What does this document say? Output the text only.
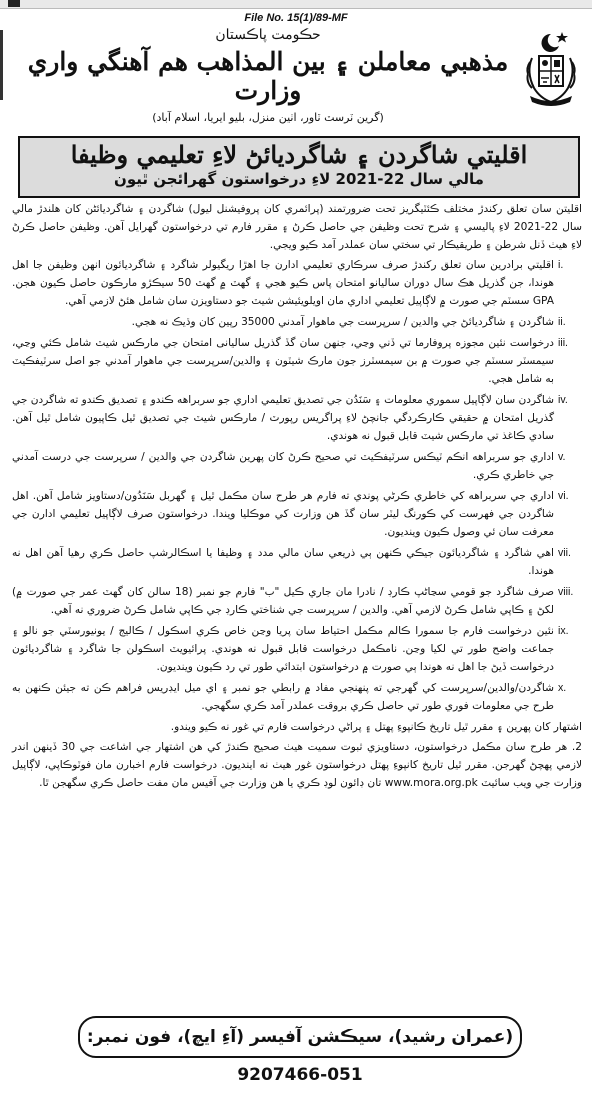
File No. 15(1)/89-MF
حڪومت پاڪستان
مذهبي معاملن ۽ بين المذاهب هم آهنگي واري وزارت
(گرين ٽرسٽ ٽاور، اٺين منزل، بليو ايريا، اسلام آباد)
اقليتي شاگردن ۽ شاگرديائڻ لاءِ تعليمي وظيفا
مالي سال 22-2021 لاءِ درخواستون گھرائجن ٿيون
اقليتن سان تعلق رکندڙ مختلف ڪئٽيگريز تحت ضرورتمند (پرائمري کان پروفيشنل ليول) شاگردن ۽ شاگرديائڻن کان هلندڙ مالي سال 22-2021 لاءِ پاليسي ۽ شرح تحت وظيفن جي حاصل ڪرڻ ۽ مقرر فارم تي درخواستون گھرايل آهن. وظيفن حاصل ڪرڻ لاءِ هيٺ ڏنل شرطن ۽ طريقيڪار تي سختي سان عملدر آمد ڪيو ويجي.
i.
اقليتي برادرين سان تعلق رکندڙ صرف سرڪاري تعليمي ادارن جا اهڙا ريگيولر شاگرد ۽ شاگرديائون انهن وظيفن جا اهل هوندا، جن گذريل هڪ سال دوران ساليانو امتحان پاس ڪيو هجي ۽ گهٽ ۾ گهٽ 50 سيڪڙو مارڪون حاصل ڪيون هجن. GPA سسٽم جي صورت ۾ لاڳاپيل تعليمي اداري مان اويلويئيشن شيٽ جو دستاويزن سان شامل هئڻ لازمي آهي.
ii.
شاگردن ۽ شاگرديائڻ جي والدين / سرپرست جي ماهوار آمدني 35000 رپين کان وڌيڪ نه هجي.
iii.
درخواست نئين مجوزه پروفارما تي ڏني وڃي، جنهن سان گڏ گذريل ساليانى امتحان جي مارڪس شيٽ شامل ڪئي وڃي، سيمسٽر سسٽم جي صورت ۾ بن سيمسٽرز جون مارڪ شيٽون ۽ والدين/سرپرست جي ماهوار آمدني جو اصل سرٽيفڪيٽ به شامل هجي.
iv.
شاگردن سان لاڳاپيل سموري معلومات ۽ سَنَدُن جي تصديق تعليمي اداري جو سربراهه ڪندو ۽ تصديق ڪندو ته شاگردن جي گذريل امتحان ۾ حقيقي ڪارڪردگي جانچڻ لاءِ پراگريس رپورٽ / مارڪس شيٽ جي تصديق ٿيل ڪاپيون شامل ٿيل آهن. سادي ڪاغذ تي مارڪس شيٽ قابل قبول نه هوندي.
v.
اداري جو سربراهه انڪم ٽيڪس سرٽيفڪيٽ تي صحيح ڪرڻ کان پهرين شاگردن جي والدين / سرپرست جي درست آمدني جي خاطري ڪري.
vi.
اداري جي سربراهه کي خاطري ڪرڻي پوندي ته فارم هر طرح سان مڪمل ٿيل ۽ گهربل سَنَدُون/دستاويز شامل آهن. اهل شاگردن جي فهرست کي ڪورنگ ليٽر سان گڏ هن وزارت کي موڪليا ويندا. درخواستون صرف لاڳاپيل تعليمي ادارن جي معرفت سان ئي وصول ڪيون وينديون.
vii.
اهي شاگرد ۽ شاگرديائون جيڪي ڪنهن ٻي ذريعي سان مالي مدد ۽ وظيفا يا اسڪالرشپ حاصل ڪري رهيا آهن اهل نه هوندا.
viii.
صرف شاگرد جو قومي سڃاڻپ ڪارڊ / نادرا مان جاري ڪيل "ب" فارم جو نمبر (18 سالن کان گهٽ عمر جي صورت ۾) لکڻ ۽ ڪاپي شامل ڪرڻ لازمي آهي. والدين / سرپرست جي شناختي ڪارڊ جي ڪاپي شامل ڪرڻ ضروري نه آهي.
ix.
نئين درخواست فارم جا سمورا ڪالم مڪمل احتياط سان پريا وڃن خاص ڪري اسڪول / ڪاليج / يونيورسٽي جو نالو ۽ جماعت واضح طور تي لکيا وڃن. نامڪمل درخواست قابل قبول نه هوندي. پرائيويٽ اسڪولن جا شاگرد ۽ شاگرديائون درخواست ڏيڻ جا اهل نه هوندا ٻي صورت ۾ درخواستون ابتدائي طور تي رد ڪيون وينديون.
x.
شاگردن/والدين/سرپرست کي گهرجي ته پنهنجي مفاد ۾ رابطي جو نمبر ۽ اي ميل ايڊريس فراهم ڪن ته جيئن ڪنهن به طرح جي معلومات فوري طور تي حاصل ڪري بروقت عملدر آمد ڪري سگهجي.
اشتهار کان پهرين ۽ مقرر ٿيل تاريخ ڪانپوءِ پهتل ۽ پراڻي درخواست فارم تي غور نه ڪيو ويندو.
2. هر طرح سان مڪمل درخواستون، دستاويزي ثبوت سميت هيٺ صحيح ڪندڙ کي هن اشتهار جي اشاعت جي 30 ڏينهن اندر لازمي پهچڻ گهرجن. مقرر ٿيل تاريخ کانپوءِ پهتل درخواستون غور هيٺ نه اينديون. درخواست فارم اخبارن مان فوٽوڪاپي، لاڳاپيل وزارت جي ويب سائيٽ www.mora.org.pk تان ڊائون لوڊ ڪري يا هن وزارت جي آفيس مان مفت حاصل ڪري سگهجن ٿا.
(عمران رشيد)، سيڪشن آفيسر (آءِ ايچ)، فون نمبر: 051-9207466
